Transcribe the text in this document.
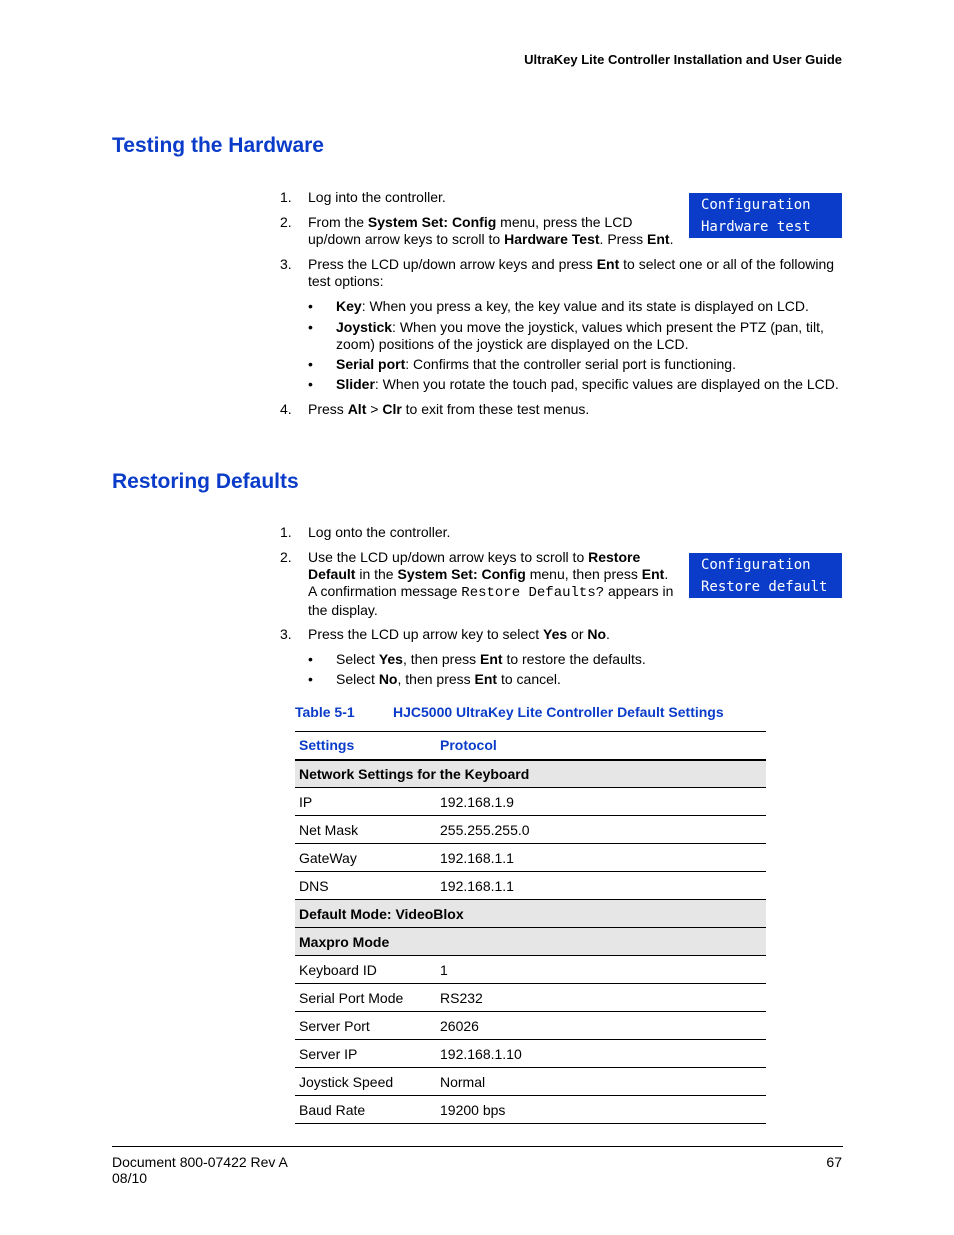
UltraKey Lite Controller Installation and User Guide
Testing the Hardware
Configuration
Hardware test
1.	Log into the controller.
2.	From the System Set: Config menu, press the LCD
up/down arrow keys to scroll to Hardware Test. Press Ent.
3.	Press the LCD up/down arrow keys and press Ent to select one or all of the following
test options:
4.	Press Alt > Clr to exit from these test menus.
• Key: When you press a key, the key value and its state is displayed on LCD.
• Joystick: When you move the joystick, values which present the PTZ (pan, tilt,
zoom) positions of the joystick are displayed on the LCD.
• Serial port: Confirms that the controller serial port is functioning.
• Slider: When you rotate the touch pad, specific values are displayed on the LCD.
Restoring Defaults
Configuration
Restore default
1.	Log onto the controller.
2.	Use the LCD up/down arrow keys to scroll to Restore
Default in the System Set: Config menu, then press Ent.
A confirmation message Restore Defaults? appears in
the display.
3.	Press the LCD up arrow key to select Yes or No.
• Select Yes, then press Ent to restore the defaults.
• Select No, then press Ent to cancel.
Table 5-1	HJC5000 UltraKey Lite Controller Default Settings
Settings	Protocol
Network Settings for the Keyboard	
IP	192.168.1.9
Net Mask	255.255.255.0
GateWay	192.168.1.1
DNS	192.168.1.1
Default Mode: VideoBlox	
Maxpro Mode	
Keyboard ID	1
Serial Port Mode	RS232
Server Port	26026
Server IP	192.168.1.10
Joystick Speed	Normal
Baud Rate	19200 bps
Document 800-07422 Rev A
08/10
67
